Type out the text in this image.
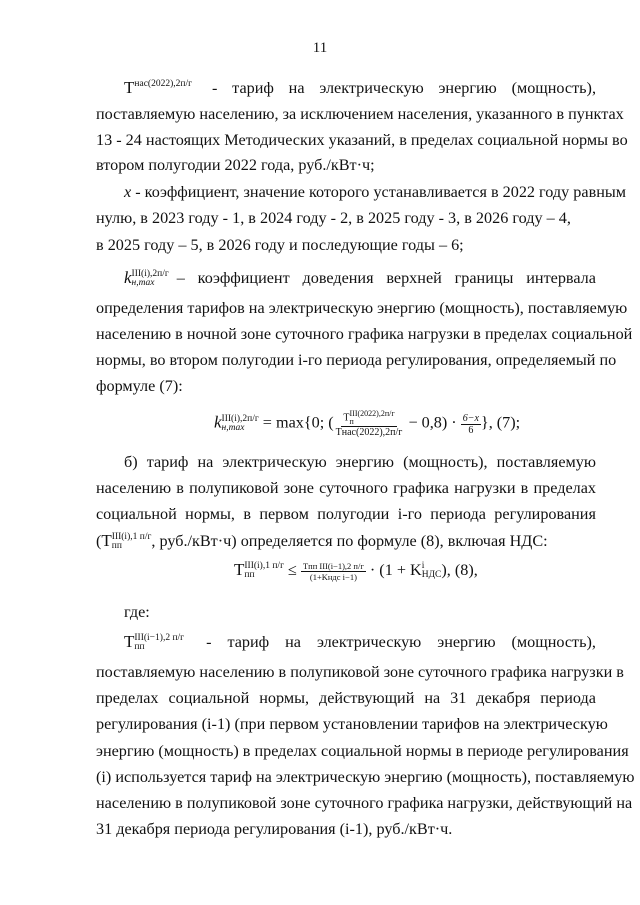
11
$T^{нас(2022),2п/г}$ - тариф на электрическую энергию (мощность),
поставляемую населению, за исключением населения, указанного в пунктах
13 - 24 настоящих Методических указаний, в пределах социальной нормы во
втором полугодии 2022 года, руб./кВт·ч;
x - коэффициент, значение которого устанавливается в 2022 году равным
нулю, в 2023 году - 1, в 2024 году - 2, в 2025 году - 3, в 2026 году – 4,
в 2025 году – 5, в 2026 году и последующие годы – 6;
k III(i),2п/г
н,max	– коэффициент доведения верхней границы интервала
определения тарифов на электрическую энергию (мощность), поставляемую
населению в ночной зоне суточного графика нагрузки в пределах социальной
нормы, во втором полугодии i-го периода регулирования, определяемый по
формуле (7):
k III(i),2п/г
н,max	= max{0; ( T III(2022),2п/г
п
Tнас(2022),2п/г − $0,8) \cdot \frac{6-x}{6}$ }, (7);
б) тариф на электрическую энергию (мощность), поставляемую
населению в полупиковой зоне суточного графика нагрузки в пределах
социальной нормы, в первом полугодии i-го периода регулирования
(T III(i),1 п/г
пп	, руб./кВт·ч) определяется по формуле (8), включая НДС:
T III(i),1 п/г
пп	≤ $\frac{\text{Tпп III(i−1),2 п/г}}{\text{(1+Kндс i−1)}} \cdot (1 + K$ i
НДС ), (8),
где:
T III(i−1),2 п/г
пп	- тариф на электрическую энергию (мощность),
поставляемую населению в полупиковой зоне суточного графика нагрузки в
пределах социальной нормы, действующий на 31 декабря периода
регулирования (i-1) (при первом установлении тарифов на электрическую
энергию (мощность) в пределах социальной нормы в периоде регулирования
(i) используется тариф на электрическую энергию (мощность), поставляемую
населению в полупиковой зоне суточного графика нагрузки, действующий на
31 декабря периода регулирования (i-1), руб./кВт·ч.
